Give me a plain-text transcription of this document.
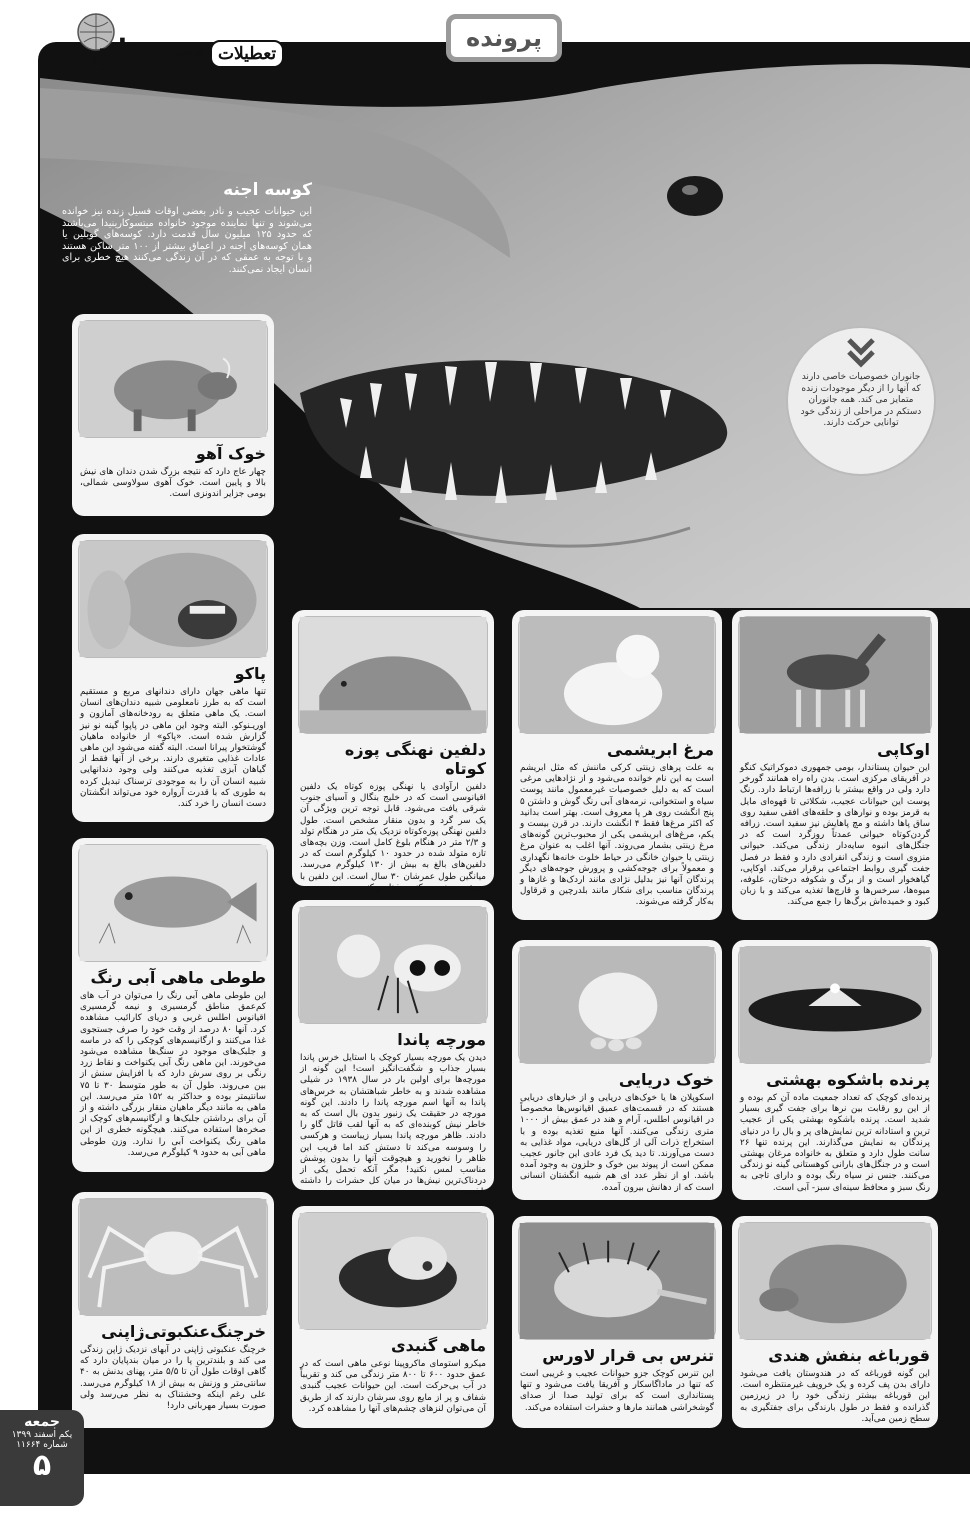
خبر	جنوب تعطیلات
پرونده
کوسه اجنه

این حیوانات عجیب و نادر بعضی اوقات فسیل زنده نیز خوانده می‌شوند و تنها نماینده موجود خانواده میتسوکارینیدا می‌باشند که حدود ۱۲۵ میلیون سال قدمت دارد. کوسه‌های گوبلین یا همان کوسه‌های اجنه در اعماق بیشتر از ۱۰۰ متر ساکن هستند و با توجه به عمقی که در آن زندگی می‌کنند هیچ خطری برای انسان ایجاد نمی‌کنند.

جانوران خصوصیات خاصی دارند که آنها را از دیگر موجودات زنده متمایز می کند. همه جانوران دستکم در مراحلی از زندگی خود توانایی حرکت دارند.

خوک آهو

چهار عاج دارد که نتیجه بزرگ شدن دندان های نیش بالا و پایین است. خوک آهوی سولاوسی شمالی، بومی جزایر اندونزی است.

پاکو

تنها ماهی جهان دارای دندانهای مربع و مستقیم است که به طرز نامعلومی شبیه دندان‌های انسان است. یک ماهی متعلق به رودخانه‌های آمازون و اوریـنوکو. البته وجود این ماهی در پاپوا گینه نو نیز گزارش شده است. «پاکو» از خانواده ماهیان گوشتخوار پیرانا است. البته گفته می‌شود این ماهی عادات غذایی متغیری دارند. برخی از آنها فقط از گیاهان آبزی تغذیه می‌کنند ولی وجود دندانهایی شبیه انسان آن را به موجودی ترسناک تبدیل کرده به طوری که با قدرت آرواره خود می‌تواند انگشتان دست انسان را خرد کند.

طوطی ماهی آبی رنگ

این طوطی ماهی آبی رنگ را می‌توان در آب های کم‌عمق مناطق گرمسیری و نیمه گرمسیری اقیانوس اطلس غربی و دریای کارائیب مشاهده کرد. آنها ۸۰ درصد از وقت خود را صرف جستجوی غذا می‌کنند و ارگانیسم‌های کوچکی را که در ماسه و جلبک‌های موجود در سنگ‌ها مشاهده می‌شود می‌خورند. این ماهی رنگ آبی یکنواخت و نقاط زرد رنگی بر روی سرش دارد که با افزایش سنش از بین می‌روند. طول آن به طور متوسط ۳۰ تا ۷۵ سانتیمتر بوده و حداکثر به ۱۵۲ متر می‌رسد. این ماهی به مانند دیگر ماهیان منقار بزرگی داشته و از آن برای برداشتن جلبک‌ها و ارگانیسم‌های کوچک از صخره‌ها استفاده می‌کنند. هیچگونه خطری از این ماهی رنگ یکنواخت آبی را ندارد. وزن طوطی ماهی آبی به حدود ۹ کیلوگرم می‌رسد.

خرچنگ‌عنکبوتی‌ژاپنی

خرچنگ عنکبوتی ژاپنی در آبهای نزدیک ژاپن زندگی می کند و بلندترین پا را در میان بندپایان دارد که گاهی اوقات طول آن تا ۵/۵ متر، پهنای بدنش به ۴۰ سانتی‌متر و وزنش به بیش از ۱۸ کیلوگرم می‌رسد. علی رغم اینکه وحشتناک به نظر می‌رسد ولی صورت بسیار مهربانی دارد!

دلفین نهنگی پوزه کوتاه

دلفین ارآوادی یا نهنگی پوزه کوتاه یک دلفین اقیانوسی است که در خلیج بنگال و آسیای جنوب شرقی یافت می‌شود. قابل توجه ترین ویژگی آن یک سر گرد و بدون منقار مشخص است. طول دلفین نهنگی پوزه‌کوتاه نزدیک یک متر در هنگام تولد و ۲/۳ متر در هنگام بلوغ کامل است. وزن بچه‌های تازه متولد شده در حدود ۱۰ کیلوگرم است که در دلفین‌های بالغ به بیش از ۱۳۰ کیلوگرم می‌رسد. میانگین طول عمرشان ۳۰ سال است. این دلفین با سرعت به نسبت کندی شنا می‌کند.

مورچه پاندا

دیدن یک مورچه بسیار کوچک با استایل خرس پاندا بسیار جذاب و شگفت‌انگیز است! این گونه از مورچه‌ها برای اولین بار در سال ۱۹۳۸ در شیلی مشاهده شدند و به خاطر شباهتشان به خرس‌های پاندا به آنها اسم مورچه پاندا را دادند. این گونه مورچه در حقیقت یک زنبور بدون بال است که به خاطر نیش کوبنده‌ای که به آنها لقب قاتل گاو را دادند. ظاهر مورچه پاندا بسیار زیباست و هرکسی را وسوسه می‌کند تا دستش کند اما قریب این ظاهر را نخورید و هیچوقت آنها را بدون پوشش مناسب لمس نکنید! مگر آنکه تحمل یکی از دردناک‌ترین نیش‌ها در میان کل حشرات را داشته باشید.

ماهی گنبدی

میکرو استومای ماکروپینا نوعی ماهی است که در عمق حدود ۶۰۰ تا ۸۰۰ متر زندگی می کند و تقریباً در آب بی‌حرکت است. این حیوانات عجیب گنبدی شفاف و پر از مایع روی سرشان دارند که از طریق آن می‌توان لنزهای چشم‌های آنها را مشاهده کرد.

مرغ ابریشمی

به علت پرهای زینتی کرکی ماننش که مثل ابریشم است به این نام خوانده می‌شود و از نژادهایی مرغی است که به دلیل خصوصیات غیرمعمول مانند پوست سیاه و استخوانی، نرمه‌های آبی رنگ گوش و داشتن ۵ پنج انگشت روی هر پا معروف است. بهتر است بدانید که اکثر مرغ‌ها فقط ۴ انگشت دارند. در قرن بیست و یکم، مرغ‌های ابریشمی یکی از محبوب‌ترین گونه‌های مرغ زینتی بشمار می‌روند. آنها اغلب به عنوان مرغ زینتی یا حیوان خانگی در حیاط خلوت خانه‌ها نگهداری و معمولاً برای جوجه‌کشی و پرورش جوجه‌های دیگر پرندگان آنها نیز بدلیل نژادی مانند اردک‌ها و غازها و پرندگان مناسب برای شکار مانند بلدرچین و قرقاول به‌کار گرفته می‌شوند.

خوک دریایی

اسکوپلان ها یا خوک‌های دریایی و از خیارهای دریایی هستند که در قسمت‌های عمیق اقیانوس‌ها مخصوصاً در اقیانوس اطلس، آرام و هند در عمق بیش از ۱۰۰۰ متری زندگی می‌کنند. آنها منبع تغذیه بوده و با استخراج ذرات آلی از گل‌های دریایی، مواد غذایی به دست می‌آورند. تا دید یک فرد عادی این جانور عجیب ممکن است از پیوند بین خوک و حلزون به وجود آمده باشد. او از نظر عدد ای هم شبیه انگشتان انسانی است که از دهانش بیرون آمده.

تنرس بی قرار لاورس

این تنرس کوچک جزو حیوانات عجیب و غریبی است که تنها در ماداگاسکار و آفریقا یافت می‌شود و تنها پستانداری است که برای تولید صدا از صدای گوشخراشی همانند مارها و حشرات استفاده می‌کند.

اوکاپی

این حیوان پستاندار، بومی جمهوری دموکراتیک کنگو در آفریقای مرکزی است. بدن راه راه همانند گورخر دارد ولی در واقع بیشتر با زرافه‌ها ارتباط دارد. رنگ پوست این حیوانات عجیب، شکلاتی تا قهوه‌ای مایل به قرمز بوده و نوارهای و حلقه‌های افقی سفید روی ساق پاها داشته و مچ پاهایش نیز سفید است. زرافه گردن‌کوتاه حیوانی عمدتاً روزگرد است که در جنگل‌های انبوه سایه‌دار زندگی می‌کند. حیوانی منزوی است و زندگی انفرادی دارد و فقط در فصل جفت گیری روابط اجتماعی برقرار می‌کند. اوکاپی، گیاهخوار است و از برگ و شکوفه درختان، علوفه، میوه‌ها، سرخس‌ها و قارچ‌ها تغذیه می‌کند و با زبان کبود و خمیده‌اش برگ‌ها را جمع می‌کند.

پرنده باشکوه بهشتی

پرنده‌ای کوچک که تعداد جمعیت ماده آن کم بوده و از این رو رقابت بین نرها برای جفت گیری بسیار شدید است. پرنده باشکوه بهشتی یکی از عجیب ترین و استادانه ترین نمایش‌های پر و بال را در دنیای پرندگان به نمایش می‌گذارند. این پرنده تنها ۲۶ سانت طول دارد و متعلق به خانواده مرغان بهشتی است و در جنگل‌های بارانی کوهستانی گینه نو زندگی می‌کنند. جنس نر سیاه رنگ بوده و دارای تاجی به رنگ سبز و محافظ سینه‌ای سبز- آبی است.

قورباغه بنفش هندی

این گونه قورباغه که در هندوستان یافت می‌شود دارای بدن پف کرده و یک خرویف غیرمنتظره است. این قورباغه بیشتر زندگی خود را در زیرزمین گذرانده و فقط در طول بارندگی برای جفتگیری به سطح زمین می‌آید.

جمعه
یکم اسفند ۱۳۹۹
شماره ۱۱۶۶۴
۵
